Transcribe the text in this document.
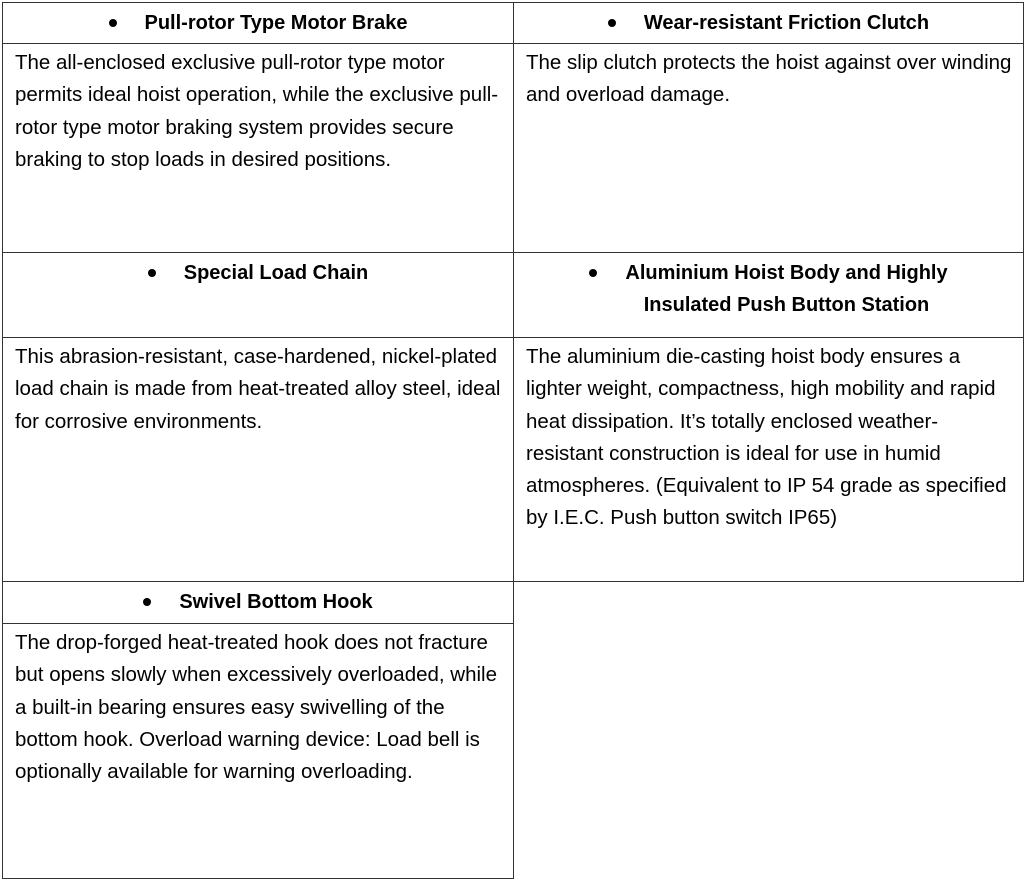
Pull-rotor Type Motor Brake	Wear-resistant Friction Clutch
The all-enclosed exclusive pull-rotor type motor permits ideal hoist operation, while the exclusive pull-rotor type motor braking system provides secure braking to stop loads in desired positions.
The slip clutch protects the hoist against over winding and overload damage.
Special Load Chain	Aluminium Hoist Body and Highly
Insulated Push Button Station
This abrasion-resistant, case-hardened, nickel-plated load chain is made from heat-treated alloy steel, ideal for corrosive environments.
The aluminium die-casting hoist body ensures a lighter weight, compactness, high mobility and rapid heat dissipation. It’s totally enclosed weather-resistant construction is ideal for use in humid atmospheres. (Equivalent to IP 54 grade as specified by I.E.C. Push button switch IP65)
Swivel Bottom Hook
The drop-forged heat-treated hook does not fracture but opens slowly when excessively overloaded, while a built-in bearing ensures easy swivelling of the bottom hook. Overload warning device: Load bell is optionally available for warning overloading.
